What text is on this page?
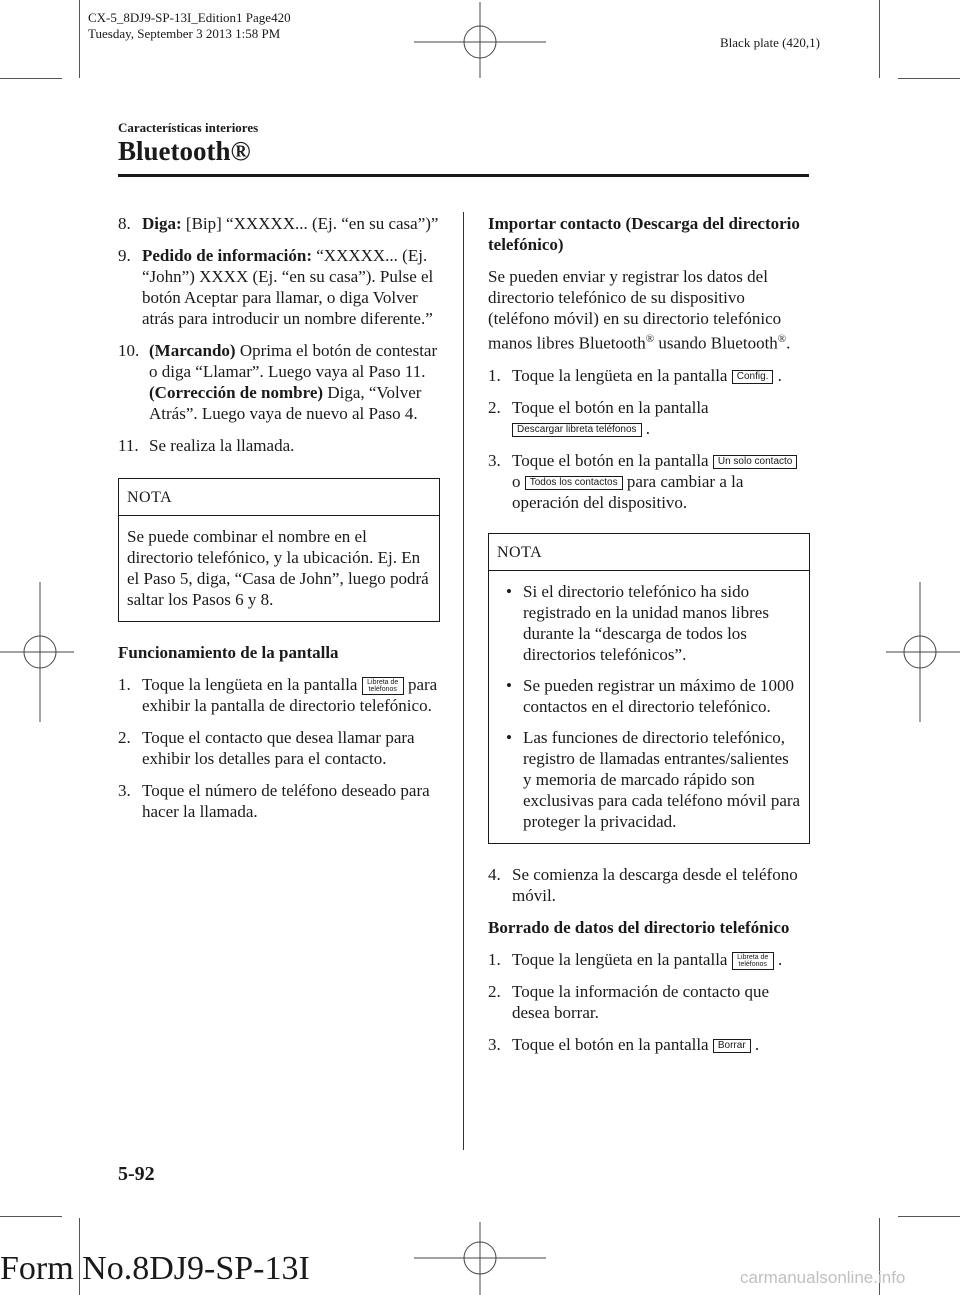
CX-5_8DJ9-SP-13I_Edition1 Page420
Tuesday, September 3 2013 1:58 PM
Black plate (420,1)
Características interiores
Bluetooth®
8. Diga: [Bip] “XXXXX... (Ej. “en su casa”)”
9. Pedido de información: “XXXXX... (Ej. “John”) XXXX (Ej. “en su casa”). Pulse el botón Aceptar para llamar, o diga Volver atrás para introducir un nombre diferente.”
10. (Marcando) Oprima el botón de contestar o diga “Llamar”. Luego vaya al Paso 11.
(Corrección de nombre) Diga, “Volver Atrás”. Luego vaya de nuevo al Paso 4.
11. Se realiza la llamada.
NOTA
Se puede combinar el nombre en el directorio telefónico, y la ubicación. Ej. En el Paso 5, diga, “Casa de John”, luego podrá saltar los Pasos 6 y 8.
Funcionamiento de la pantalla
1. Toque la lengüeta en la pantalla Libreta de teléfonos para exhibir la pantalla de directorio telefónico.
2. Toque el contacto que desea llamar para exhibir los detalles para el contacto.
3. Toque el número de teléfono deseado para hacer la llamada.
Importar contacto (Descarga del directorio telefónico)
Se pueden enviar y registrar los datos del directorio telefónico de su dispositivo (teléfono móvil) en su directorio telefónico manos libres Bluetooth® usando Bluetooth®.
1. Toque la lengüeta en la pantalla Config. .
2. Toque el botón en la pantalla Descargar libreta teléfonos .
3. Toque el botón en la pantalla Un solo contacto o Todos los contactos para cambiar a la operación del dispositivo.
NOTA
• Si el directorio telefónico ha sido registrado en la unidad manos libres durante la “descarga de todos los directorios telefónicos”.
• Se pueden registrar un máximo de 1000 contactos en el directorio telefónico.
• Las funciones de directorio telefónico, registro de llamadas entrantes/salientes y memoria de marcado rápido son exclusivas para cada teléfono móvil para proteger la privacidad.
4. Se comienza la descarga desde el teléfono móvil.
Borrado de datos del directorio telefónico
1. Toque la lengüeta en la pantalla Libreta de teléfonos .
2. Toque la información de contacto que desea borrar.
3. Toque el botón en la pantalla Borrar .
5-92
Form No.8DJ9-SP-13I	carmanualsonline.info
